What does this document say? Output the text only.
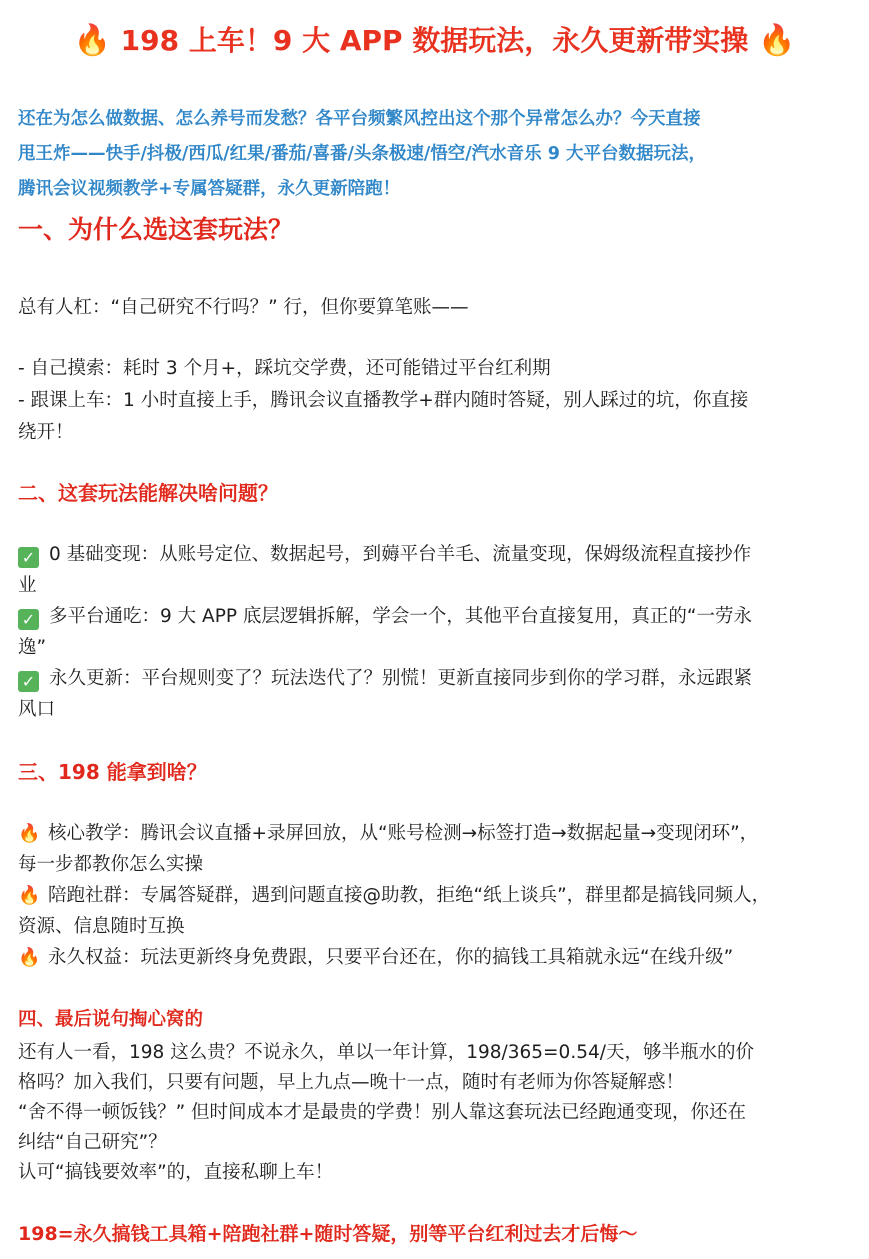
🔥 198 上车！9 大 APP 数据玩法，永久更新带实操 🔥
还在为怎么做数据、怎么养号而发愁？各平台频繁风控出这个那个异常怎么办？今天直接
甩王炸——快手/抖极/西瓜/红果/番茄/喜番/头条极速/悟空/汽水音乐 9 大平台数据玩法，
腾讯会议视频教学+专属答疑群，永久更新陪跑！
一、为什么选这套玩法？
总有人杠：“自己研究不行吗？” 行，但你要算笔账——
- 自己摸索：耗时 3 个月+，踩坑交学费，还可能错过平台红利期
- 跟课上车：1 小时直接上手，腾讯会议直播教学+群内随时答疑，别人踩过的坑，你直接
绕开！
二、这套玩法能解决啥问题？
✓ 0 基础变现：从账号定位、数据起号，到薅平台羊毛、流量变现，保姆级流程直接抄作
业
✓ 多平台通吃：9 大 APP 底层逻辑拆解，学会一个，其他平台直接复用，真正的“一劳永
逸”
✓ 永久更新：平台规则变了？玩法迭代了？别慌！更新直接同步到你的学习群，永远跟紧
风口
三、198 能拿到啥？
🔥 核心教学：腾讯会议直播+录屏回放，从“账号检测→标签打造→数据起量→变现闭环”，
每一步都教你怎么实操
🔥 陪跑社群：专属答疑群，遇到问题直接@助教，拒绝“纸上谈兵”，群里都是搞钱同频人，
资源、信息随时互换
🔥 永久权益：玩法更新终身免费跟，只要平台还在，你的搞钱工具箱就永远“在线升级”
四、最后说句掏心窝的
还有人一看，198 这么贵？不说永久，单以一年计算，198/365=0.54/天，够半瓶水的价
格吗？加入我们，只要有问题，早上九点—晚十一点，随时有老师为你答疑解惑！
“舍不得一顿饭钱？” 但时间成本才是最贵的学费！别人靠这套玩法已经跑通变现，你还在
纠结“自己研究”？
认可“搞钱要效率”的，直接私聊上车！
198=永久搞钱工具箱+陪跑社群+随时答疑，别等平台红利过去才后悔～
